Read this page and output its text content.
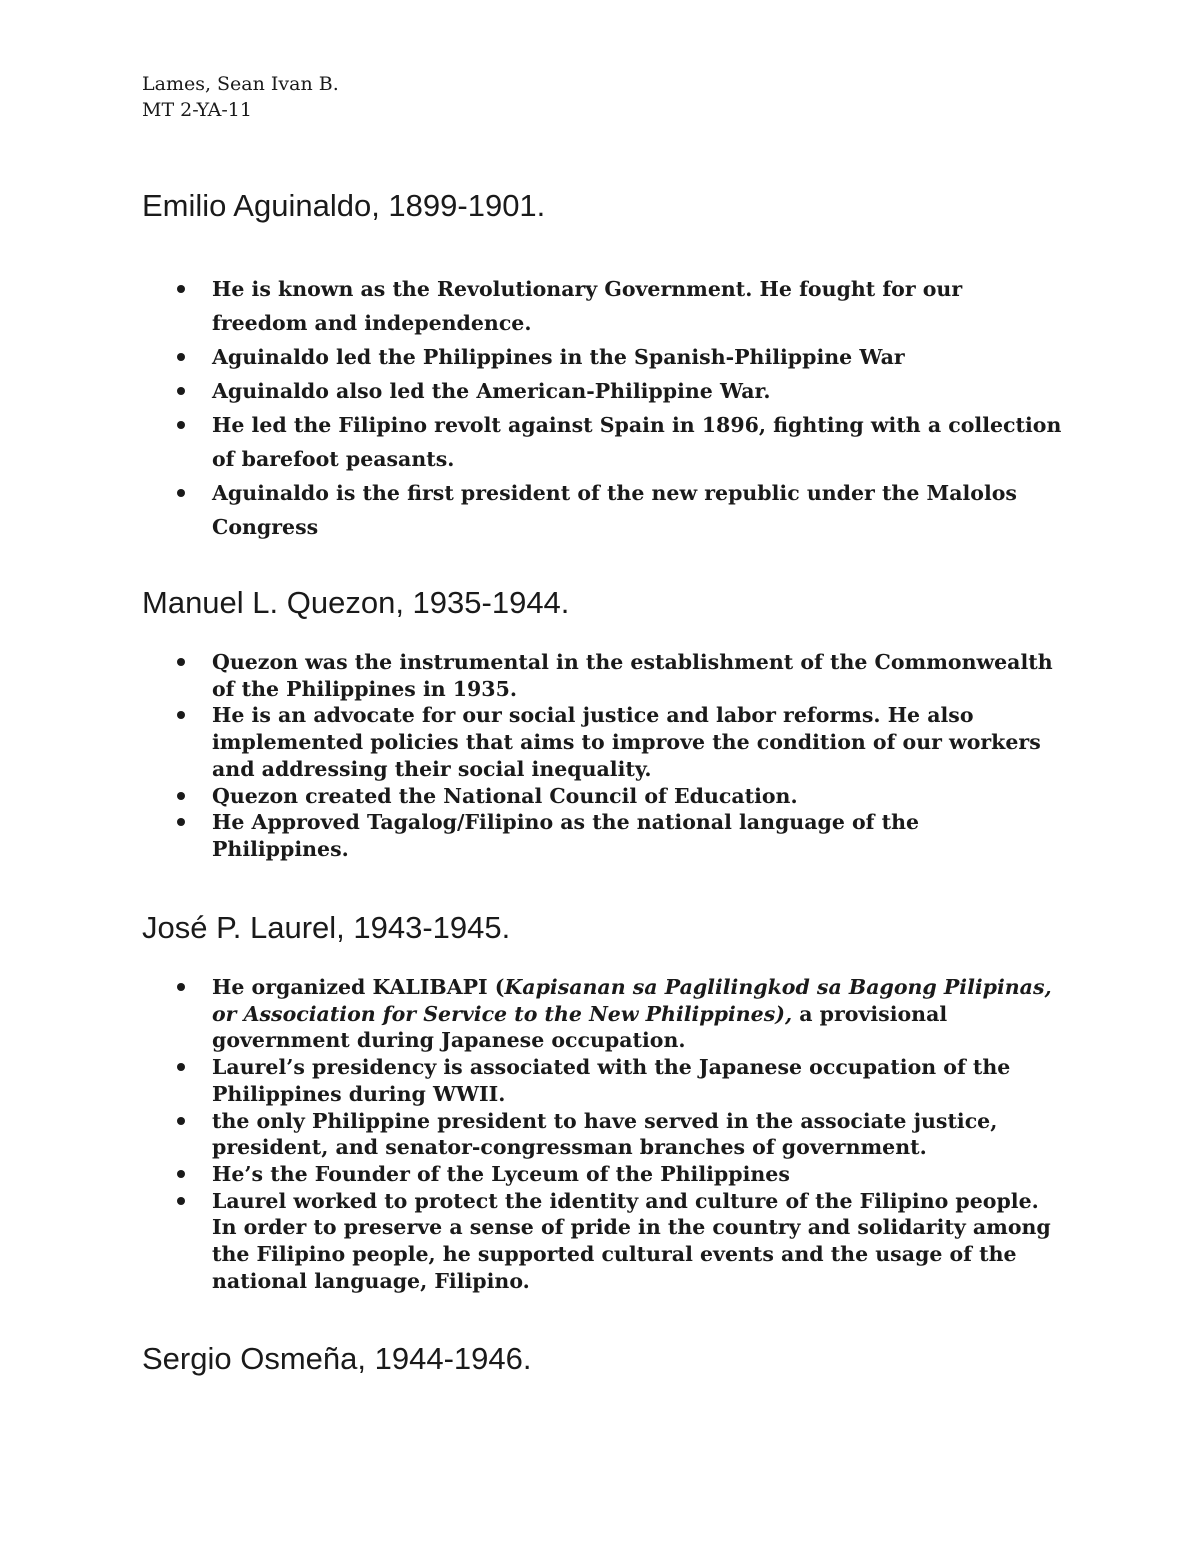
Lames, Sean Ivan B.
MT 2-YA-11
Emilio Aguinaldo, 1899-1901.
He is known as the Revolutionary Government. He fought for our freedom and independence.
Aguinaldo led the Philippines in the Spanish-Philippine War
Aguinaldo also led the American-Philippine War.
He led the Filipino revolt against Spain in 1896, fighting with a collection of barefoot peasants.
Aguinaldo is the first president of the new republic under the Malolos Congress
Manuel L. Quezon, 1935-1944.
Quezon was the instrumental in the establishment of the Commonwealth of the Philippines in 1935.
He is an advocate for our social justice and labor reforms. He also implemented policies that aims to improve the condition of our workers and addressing their social inequality.
Quezon created the National Council of Education.
He Approved Tagalog/Filipino as the national language of the Philippines.
José P. Laurel, 1943-1945.
He organized KALIBAPI (Kapisanan sa Paglilingkod sa Bagong Pilipinas, or Association for Service to the New Philippines), a provisional government during Japanese occupation.
Laurel’s presidency is associated with the Japanese occupation of the Philippines during WWII.
the only Philippine president to have served in the associate justice, president, and senator-congressman branches of government.
He’s the Founder of the Lyceum of the Philippines
Laurel worked to protect the identity and culture of the Filipino people. In order to preserve a sense of pride in the country and solidarity among the Filipino people, he supported cultural events and the usage of the national language, Filipino.
Sergio Osmeña, 1944-1946.
